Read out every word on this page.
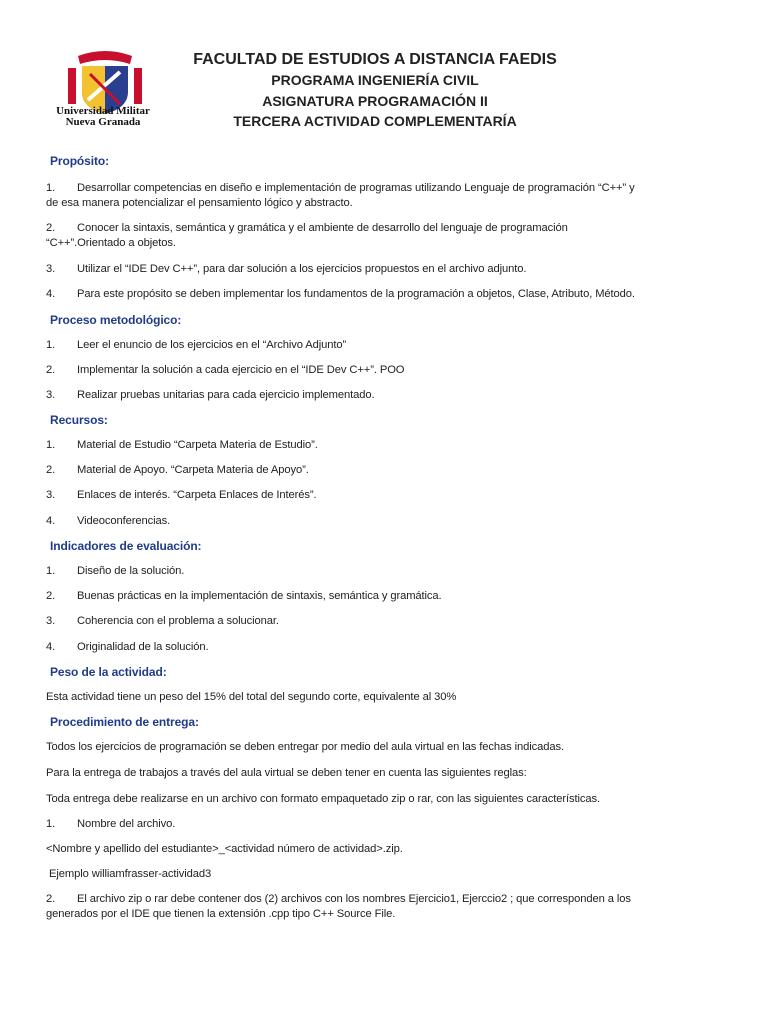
Universidad Militar
Nueva Granada
FACULTAD DE ESTUDIOS A DISTANCIA FAEDIS
PROGRAMA INGENIERÍA CIVIL
ASIGNATURA PROGRAMACIÓN II
TERCERA ACTIVIDAD COMPLEMENTARÍA
Propósito:
1. Desarrollar competencias en diseño e implementación de programas utilizando Lenguaje de programación “C++” y
de esa manera potencializar el pensamiento lógico y abstracto.
2. Conocer la sintaxis, semántica y gramática y el ambiente de desarrollo del lenguaje de programación
“C++”.Orientado a objetos.
3. Utilizar el “IDE Dev C++”, para dar solución a los ejercicios propuestos en el archivo adjunto.
4. Para este propósito se deben implementar los fundamentos de la programación a objetos, Clase, Atributo, Método.
Proceso metodológico:
1. Leer el enuncio de los ejercicios en el “Archivo Adjunto”
2. Implementar la solución a cada ejercicio en el “IDE Dev C++”. POO
3. Realizar pruebas unitarias para cada ejercicio implementado.
Recursos:
1. Material de Estudio “Carpeta Materia de Estudio”.
2. Material de Apoyo. “Carpeta Materia de Apoyo”.
3. Enlaces de interés. “Carpeta Enlaces de Interés”.
4. Videoconferencias.
Indicadores de evaluación:
1. Diseño de la solución.
2. Buenas prácticas en la implementación de sintaxis, semántica y gramática.
3. Coherencia con el problema a solucionar.
4. Originalidad de la solución.
Peso de la actividad:
Esta actividad tiene un peso del 15% del total del segundo corte, equivalente al 30%
Procedimiento de entrega:
Todos los ejercicios de programación se deben entregar por medio del aula virtual en las fechas indicadas.
Para la entrega de trabajos a través del aula virtual se deben tener en cuenta las siguientes reglas:
Toda entrega debe realizarse en un archivo con formato empaquetado zip o rar, con las siguientes características.
1. Nombre del archivo.
<Nombre y apellido del estudiante>_<actividad número de actividad>.zip.
Ejemplo williamfrasser-actividad3
2. El archivo zip o rar debe contener dos (2) archivos con los nombres Ejercicio1, Ejerccio2 ; que corresponden a los
generados por el IDE que tienen la extensión .cpp tipo C++ Source File.
